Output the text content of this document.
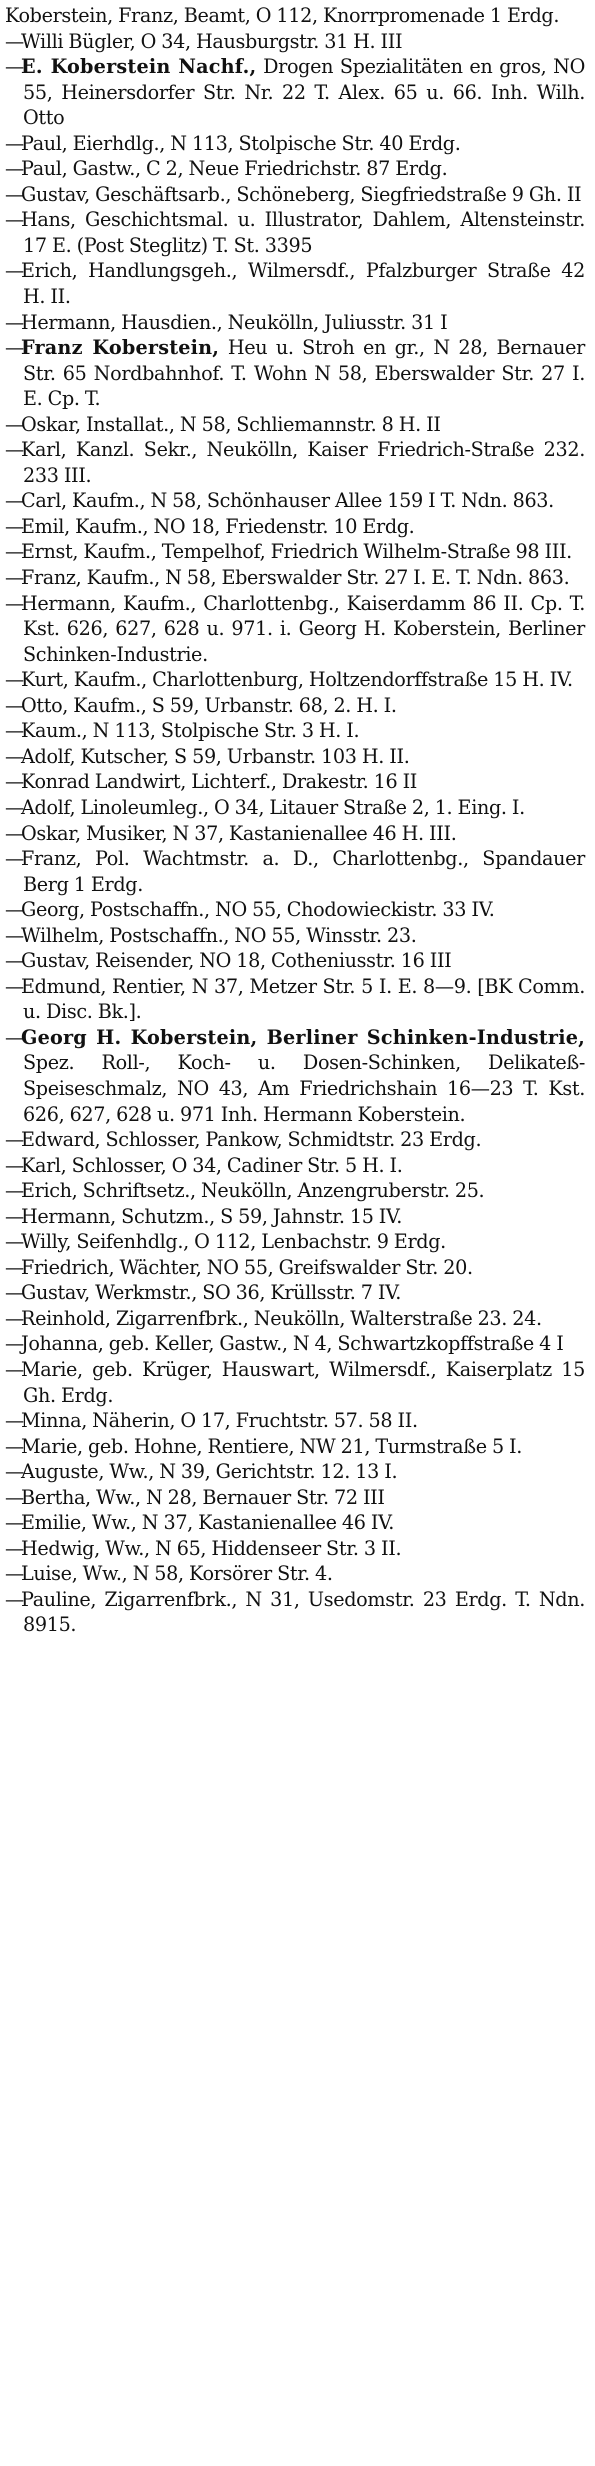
Koberstein, Franz, Beamt, O 112, Knorrpromenade 1 Erdg.
—Willi Bügler, O 34, Hausburgstr. 31 H. III
—E. Koberstein Nachf., Drogen Spezialitäten en gros, NO 55, Heinersdorfer Str. Nr. 22 T. Alex. 65 u. 66. Inh. Wilh. Otto
—Paul, Eierhdlg., N 113, Stolpische Str. 40 Erdg.
—Paul, Gastw., C 2, Neue Friedrichstr. 87 Erdg.
—Gustav, Geschäftsarb., Schöneberg, Siegfriedstraße 9 Gh. II
—Hans, Geschichtsmal. u. Illustrator, Dahlem, Altensteinstr. 17 E. (Post Steglitz) T. St. 3395
—Erich, Handlungsgeh., Wilmersdf., Pfalzburger Straße 42 H. II.
—Hermann, Hausdien., Neukölln, Juliusstr. 31 I
—Franz Koberstein, Heu u. Stroh en gr., N 28, Bernauer Str. 65 Nordbahnhof. T. Wohn N 58, Eberswalder Str. 27 I. E. Cp. T.
—Oskar, Installat., N 58, Schliemannstr. 8 H. II
—Karl, Kanzl. Sekr., Neukölln, Kaiser Friedrich-Straße 232. 233 III.
—Carl, Kaufm., N 58, Schönhauser Allee 159 I T. Ndn. 863.
—Emil, Kaufm., NO 18, Friedenstr. 10 Erdg.
—Ernst, Kaufm., Tempelhof, Friedrich Wilhelm-Straße 98 III.
—Franz, Kaufm., N 58, Eberswalder Str. 27 I. E. T. Ndn. 863.
—Hermann, Kaufm., Charlottenbg., Kaiserdamm 86 II. Cp. T. Kst. 626, 627, 628 u. 971. i. Georg H. Koberstein, Berliner Schinken-Industrie.
—Kurt, Kaufm., Charlottenburg, Holtzendorffstraße 15 H. IV.
—Otto, Kaufm., S 59, Urbanstr. 68, 2. H. I.
—Kaum., N 113, Stolpische Str. 3 H. I.
—Adolf, Kutscher, S 59, Urbanstr. 103 H. II.
—Konrad Landwirt, Lichterf., Drakestr. 16 II
—Adolf, Linoleumleg., O 34, Litauer Straße 2, 1. Eing. I.
—Oskar, Musiker, N 37, Kastanienallee 46 H. III.
—Franz, Pol. Wachtmstr. a. D., Charlottenbg., Spandauer Berg 1 Erdg.
—Georg, Postschaffn., NO 55, Chodowieckistr. 33 IV.
—Wilhelm, Postschaffn., NO 55, Winsstr. 23.
—Gustav, Reisender, NO 18, Cotheniusstr. 16 III
—Edmund, Rentier, N 37, Metzer Str. 5 I. E. 8—9. [BK Comm. u. Disc. Bk.].
—Georg H. Koberstein, Berliner Schinken-Industrie, Spez. Roll-, Koch- u. Dosen-Schinken, Delikateß-Speiseschmalz, NO 43, Am Friedrichshain 16—23 T. Kst. 626, 627, 628 u. 971 Inh. Hermann Koberstein.
—Edward, Schlosser, Pankow, Schmidtstr. 23 Erdg.
—Karl, Schlosser, O 34, Cadiner Str. 5 H. I.
—Erich, Schriftsetz., Neukölln, Anzengruberstr. 25.
—Hermann, Schutzm., S 59, Jahnstr. 15 IV.
—Willy, Seifenhdlg., O 112, Lenbachstr. 9 Erdg.
—Friedrich, Wächter, NO 55, Greifswalder Str. 20.
—Gustav, Werkmstr., SO 36, Krüllsstr. 7 IV.
—Reinhold, Zigarrenfbrk., Neukölln, Walterstraße 23. 24.
—Johanna, geb. Keller, Gastw., N 4, Schwartzkopffstraße 4 I
—Marie, geb. Krüger, Hauswart, Wilmersdf., Kaiserplatz 15 Gh. Erdg.
—Minna, Näherin, O 17, Fruchtstr. 57. 58 II.
—Marie, geb. Hohne, Rentiere, NW 21, Turmstraße 5 I.
—Auguste, Ww., N 39, Gerichtstr. 12. 13 I.
—Bertha, Ww., N 28, Bernauer Str. 72 III
—Emilie, Ww., N 37, Kastanienallee 46 IV.
—Hedwig, Ww., N 65, Hiddenseer Str. 3 II.
—Luise, Ww., N 58, Korsörer Str. 4.
—Pauline, Zigarrenfbrk., N 31, Usedomstr. 23 Erdg. T. Ndn. 8915.
